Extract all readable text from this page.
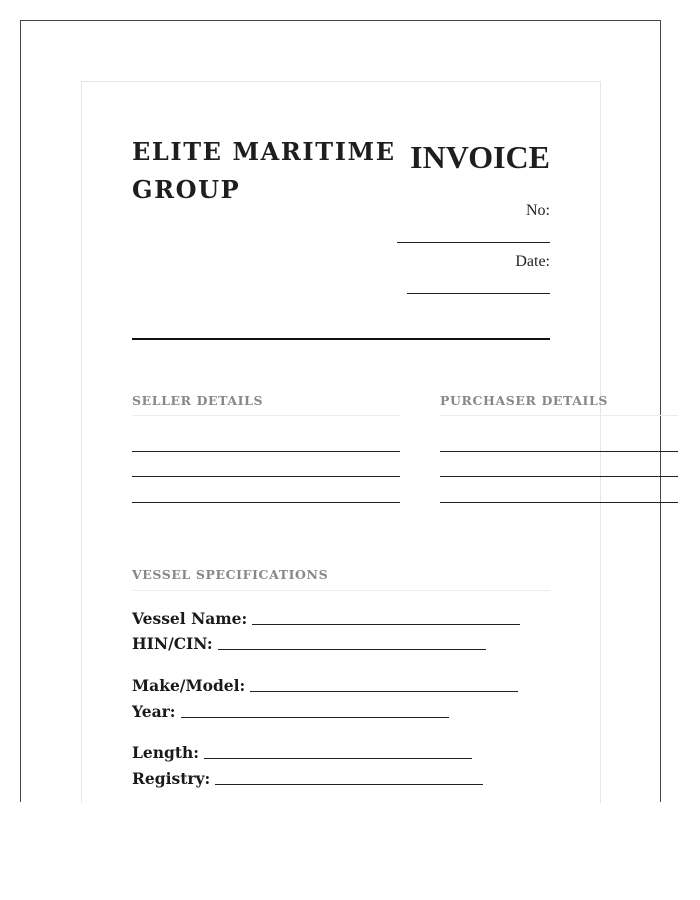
ELITE MARITIME GROUP
INVOICE
No:
Date:
SELLER DETAILS	PURCHASER DETAILS
VESSEL SPECIFICATIONS
Vessel Name:
HIN/CIN:
Make/Model:
Year:
Length:
Registry:
